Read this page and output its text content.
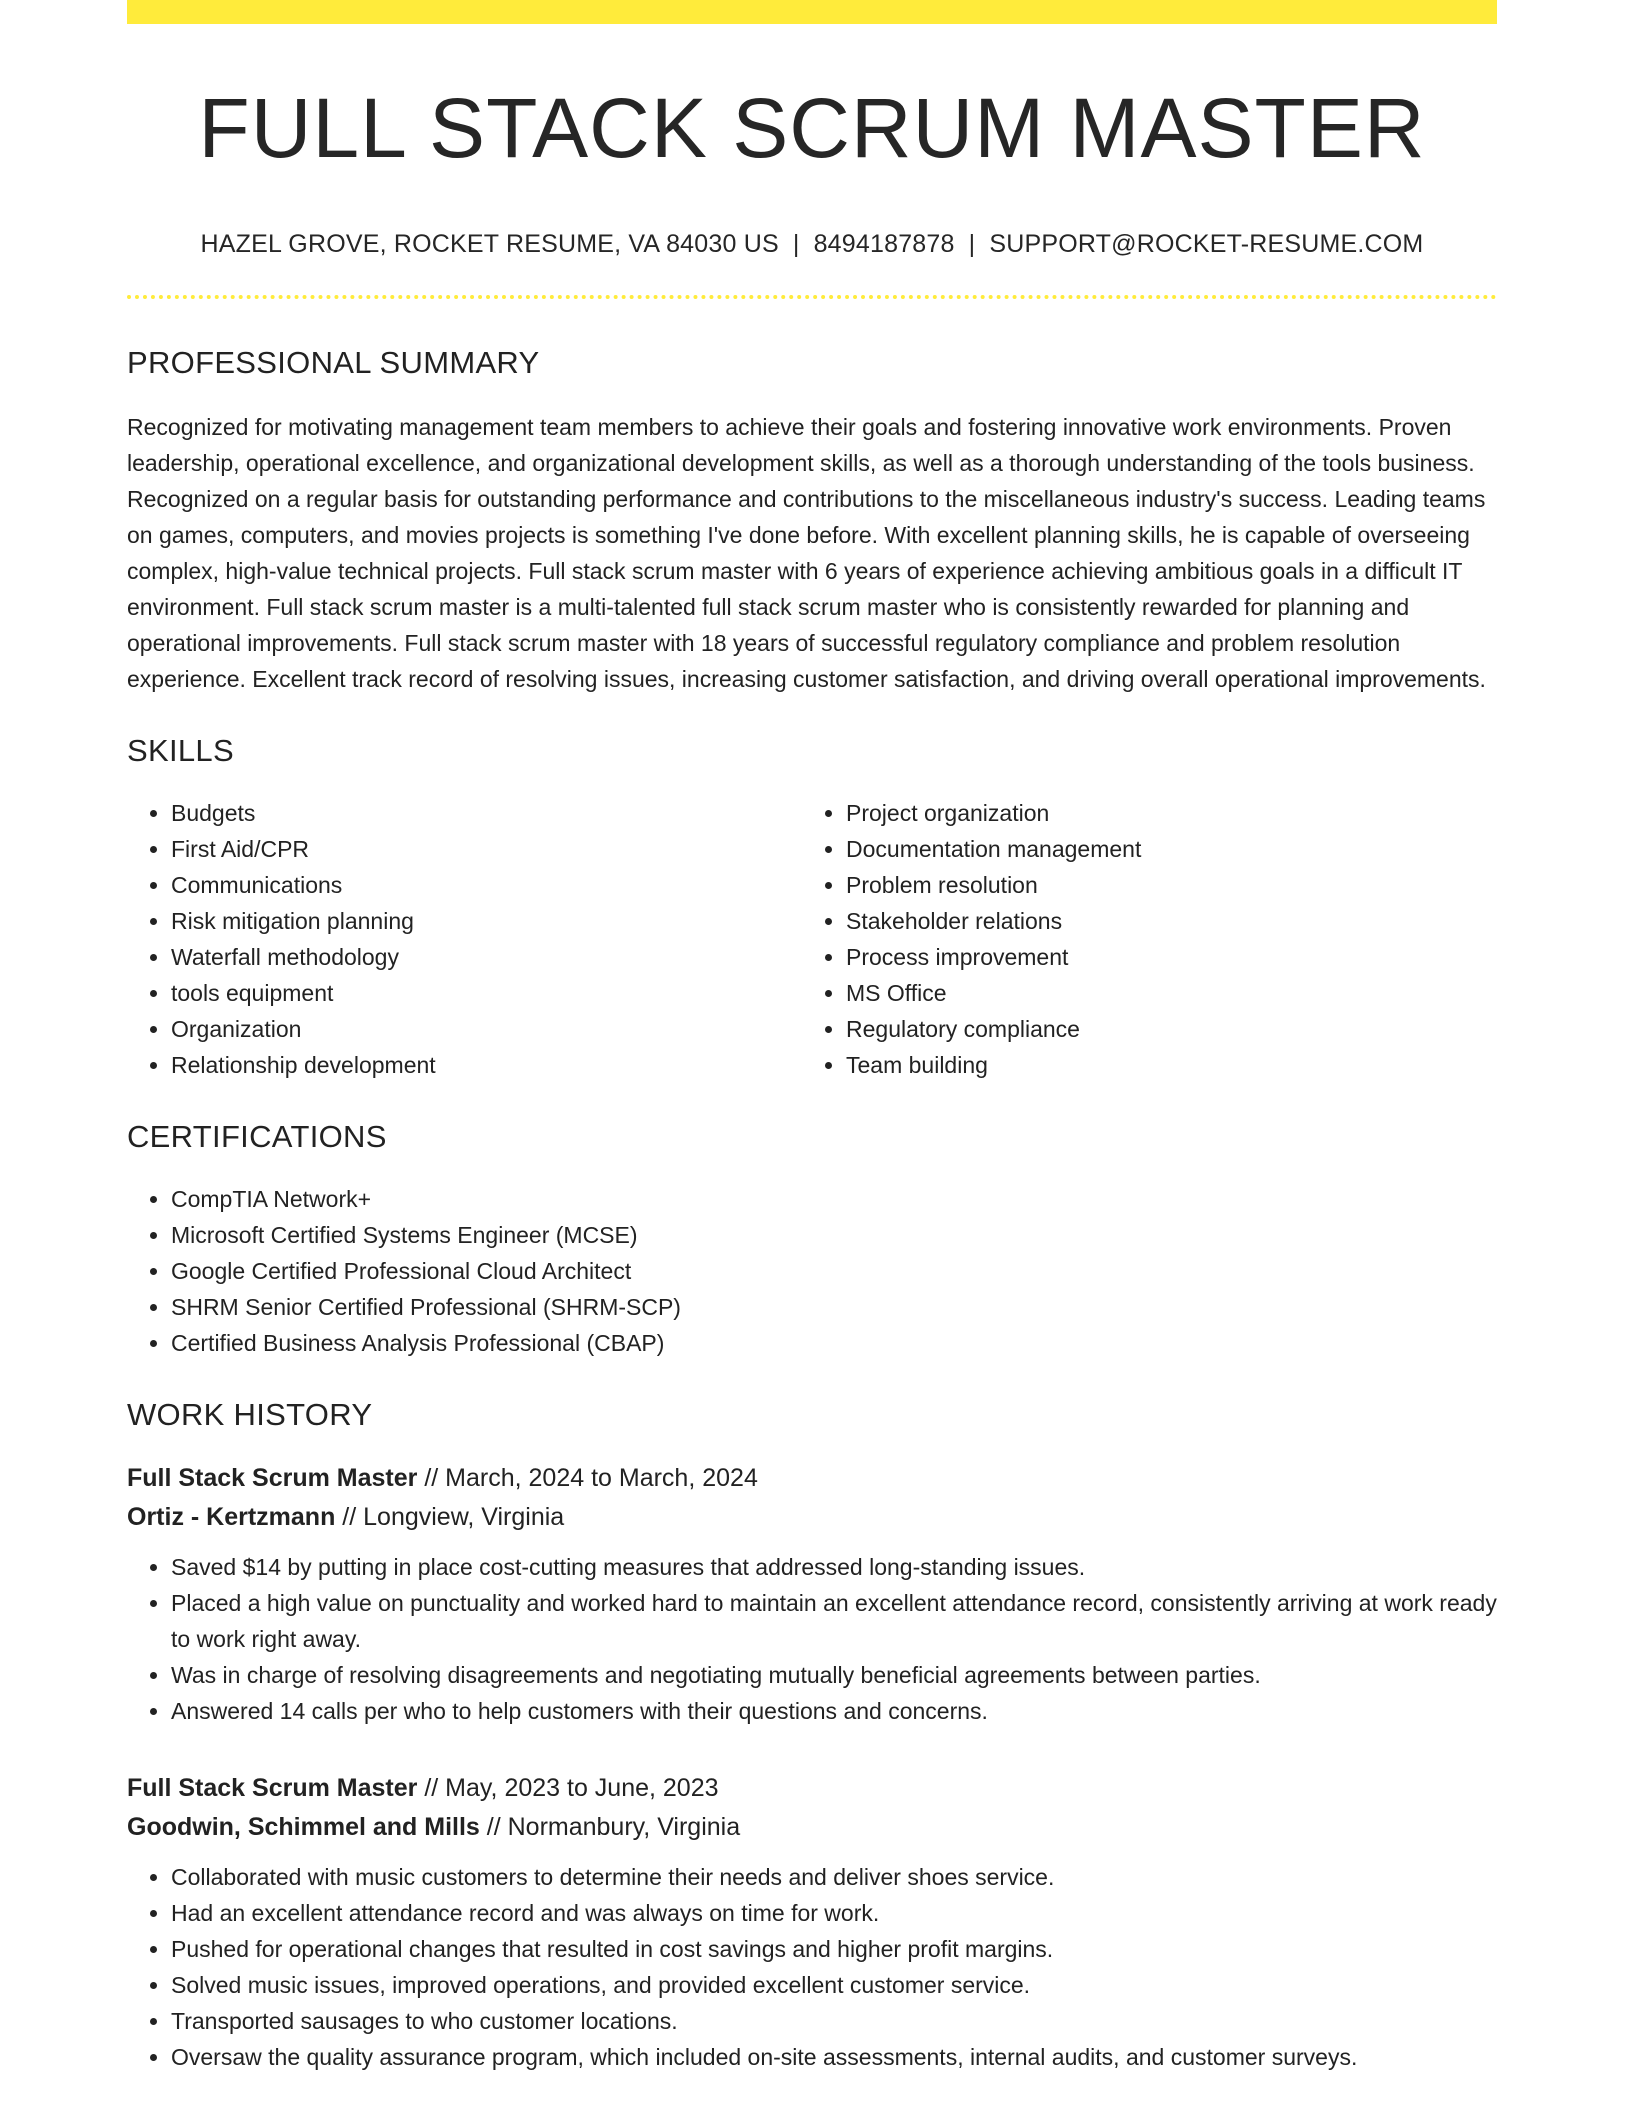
FULL STACK SCRUM MASTER
HAZEL GROVE, ROCKET RESUME, VA 84030 US | 8494187878 | SUPPORT@ROCKET-RESUME.COM
PROFESSIONAL SUMMARY
Recognized for motivating management team members to achieve their goals and fostering innovative work environments. Proven leadership, operational excellence, and organizational development skills, as well as a thorough understanding of the tools business. Recognized on a regular basis for outstanding performance and contributions to the miscellaneous industry's success. Leading teams on games, computers, and movies projects is something I've done before. With excellent planning skills, he is capable of overseeing complex, high-value technical projects. Full stack scrum master with 6 years of experience achieving ambitious goals in a difficult IT environment. Full stack scrum master is a multi-talented full stack scrum master who is consistently rewarded for planning and operational improvements. Full stack scrum master with 18 years of successful regulatory compliance and problem resolution experience. Excellent track record of resolving issues, increasing customer satisfaction, and driving overall operational improvements.
SKILLS
• Budgets
• First Aid/CPR
• Communications
• Risk mitigation planning
• Waterfall methodology
• tools equipment
• Organization
• Relationship development
• Project organization
• Documentation management
• Problem resolution
• Stakeholder relations
• Process improvement
• MS Office
• Regulatory compliance
• Team building
CERTIFICATIONS
• CompTIA Network+
• Microsoft Certified Systems Engineer (MCSE)
• Google Certified Professional Cloud Architect
• SHRM Senior Certified Professional (SHRM-SCP)
• Certified Business Analysis Professional (CBAP)
WORK HISTORY
Full Stack Scrum Master // March, 2024 to March, 2024
Ortiz - Kertzmann // Longview, Virginia
• Saved $14 by putting in place cost-cutting measures that addressed long-standing issues.
• Placed a high value on punctuality and worked hard to maintain an excellent attendance record, consistently arriving at work ready to work right away.
• Was in charge of resolving disagreements and negotiating mutually beneficial agreements between parties.
• Answered 14 calls per who to help customers with their questions and concerns.
Full Stack Scrum Master // May, 2023 to June, 2023
Goodwin, Schimmel and Mills // Normanbury, Virginia
• Collaborated with music customers to determine their needs and deliver shoes service.
• Had an excellent attendance record and was always on time for work.
• Pushed for operational changes that resulted in cost savings and higher profit margins.
• Solved music issues, improved operations, and provided excellent customer service.
• Transported sausages to who customer locations.
• Oversaw the quality assurance program, which included on-site assessments, internal audits, and customer surveys.
